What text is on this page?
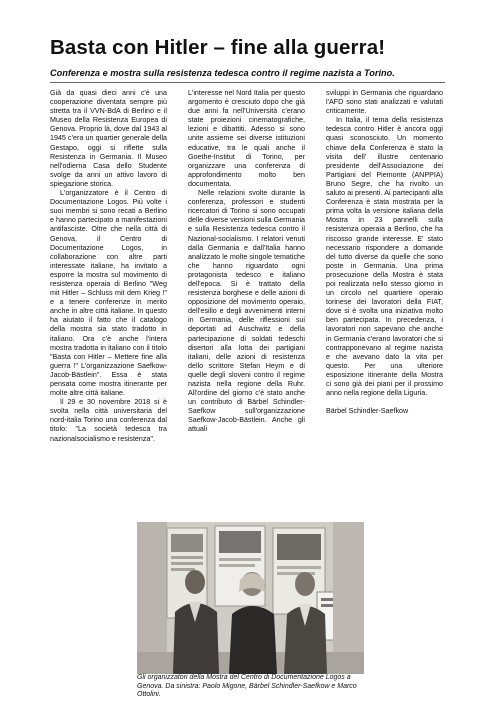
Basta con Hitler – fine alla guerra!
Conferenza e mostra sulla resistenza tedesca contro il regime nazista a Torino.

Già da quasi dieci anni c'è una cooperazione diventata sempre più stretta tra il VVN-BdA di Berlino e il Museo della Resistenza Europea di Genova. Proprio là, dove dal 1943 al 1945 c'era un quartier generale della Gestapo, oggi si riflette sulla Resistenza in Germania. Il Museo nell'odierna Casa dello Studente svolge da anni un attivo lavoro di spiegazione storica.

L'organizzatore è il Centro di Documentazione Logos. Più volte i suoi membri si sono recati a Berlino e hanno partecipato a manifestazioni antifasciste. Oltre che nella città di Genova, il Centro di Documentazione Logos, in collaborazione con altre parti interessate italiane, ha invitato a esporre la mostra sul movimento di resistenza operaia di Berlino "Weg mit Hitler – Schluss mit dem Krieg !" e a tenere conferenze in merito anche in altre città italiane. In questo ha aiutato il fatto che il catalogo della mostra sia stato tradotto in italiano. Ora c'è anche l'intera mostra tradotta in italiano con il titolo "Basta con Hitler – Mettere fine alla guerra !" L'organizzazione Saefkow-Jacob-Bästlein". Essa è stata pensata come mostra itinerante per molte altre città italiane.

Il 29 e 30 novembre 2018 si è svolta nella città universitaria del nord-italia Torino una conferenza dal titolo: "La società tedesca tra nazionalsocialismo e resistenza".

L'interesse nel Nord Italia per questo argomento è cresciuto dopo che già due anni fa nell'Università c'erano state proiezioni cinematografiche, lezioni e dibattiti. Adesso si sono unite assieme sei diverse istituzioni educative, tra le quali anche il Goethe-Institut di Torino, per organizzare una conferenza di approfondimento molto ben documentata.

Nelle relazioni svolte durante la conferenza, professori e studenti ricercatori di Torino si sono occupati delle diverse versioni sulla Germania e sulla Resistenza tedesca contro il Nazional-socialismo. I relatori venuti dalla Germania e dall'Italia hanno analizzato le molte singole tematiche che hanno riguardato ogni protagonista tedesco e italiano dell'epoca. Si è trattato della resistenza borghese e delle azioni di opposizione del movimento operaio, dell'esilio e degli avvenimenti interni in Germania, delle riflessioni sui deportati ad Auschwitz e della partecipazione di soldati tedeschi disertori alla lotta dei partigiani italiani, delle azioni di resistenza dello scrittore Stefan Heym e di quelle degli sloveni contro il regime nazista nella regione della Ruhr. All'ordine del giorno c'è stato anche un contributo di Bärbel Schindler-Saefkow sull'organizzazione Saefkow-Jacob-Bästlein. Anche gli attuali

sviluppi in Germania che riguardano l'AFD sono stati analizzati e valutati criticamente.

In Italia, il tema della resistenza tedesca contro Hitler è ancora oggi quasi sconosciuto. Un momento chiave della Conferenza è stato la visita dell' illustre centenario presidente dell'Associazione dei Partigiani del Piemonte (ANPPIA) Bruno Segre, che ha rivolto un saluto ai presenti. Ai partecipanti alla Conferenza è stata mostrata per la prima volta la versione italiana della Mostra in 23 pannelli sulla resistenza operaia a Berlino, che ha riscosso grande interesse. E' stato necessario rispondere a domande del tutto diverse da quelle che sono poste in Germania. Una prima prosecuzione della Mostra è stata poi realizzata nello stesso giorno in un circolo nel quartiere operaio torinese dei lavoratori della FIAT, dove si è svolta una iniziativa molto ben partecipata. In precedenza, i lavoratori non sapevano che anche in Germania c'erano lavoratori che si contrapponevano al regime nazista e che avevano dato la vita per questo. Per una ulteriore esposizione itinerante della Mostra ci sono già dei piani per il prossimo anno nella regione della Liguria.

Bärbel Schindler-Saefkow

Gli organizzatori della Mostra del Centro di Documentazione Logos a Genova. Da sinistra: Paolo Migone, Bärbel Schindler-Saefkow e Marco Ottolini.
